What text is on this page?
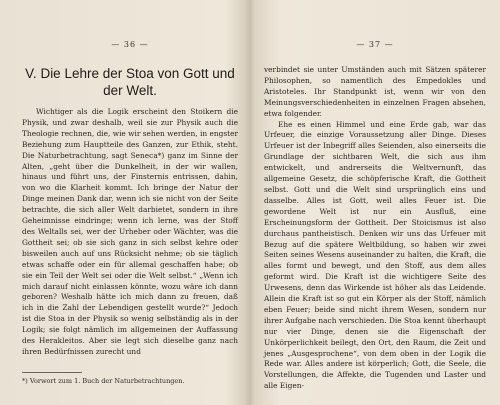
— 36 —
V. Die Lehre der Stoa von Gott und der Welt.

Wichtiger als die Logik erscheint den Stoikern die Physik, und zwar deshalb, weil sie zur Physik auch die Theologie rechnen, die, wie wir sehen werden, in engster Beziehung zum Hauptteile des Ganzen, zur Ethik, steht. Die Naturbetrachtung, sagt Seneca*) ganz im Sinne der Alten, „geht über die Dunkelheit, in der wir wallen, hinaus und führt uns, der Finsternis entrissen, dahin, von wo die Klarheit kommt. Ich bringe der Natur der Dinge meinen Dank dar, wenn ich sie nicht von der Seite betrachte, die sich aller Welt darbietet, sondern in ihre Geheimnisse eindringe; wenn ich lerne, was der Stoff des Weltalls sei, wer der Urheber oder Wächter, was die Gottheit sei; ob sie sich ganz in sich selbst kehre oder bisweilen auch auf uns Rücksicht nehme; ob sie täglich etwas schaffe oder ein für allemal geschaffen habe; ob sie ein Teil der Welt sei oder die Welt selbst.“ „Wenn ich mich darauf nicht einlassen könnte, wozu wäre ich dann geboren? Weshalb hätte ich mich dann zu freuen, daß ich in die Zahl der Lebendigen gestellt wurde?“ Jedoch ist die Stoa in der Physik so wenig selbständig als in der Logik; sie folgt nämlich im allgemeinen der Auffassung des Herakleitos. Aber sie legt sich dieselbe ganz nach ihren Bedürfnissen zurecht und

*) Vorwort zum 1. Buch der Naturbetrachtungen.
— 37 —

verbindet sie unter Umständen auch mit Sätzen späterer Philosophen, so namentlich des Empedokles und Aristoteles. Ihr Standpunkt ist, wenn wir von den Meinungsverschiedenheiten in einzelnen Fragen absehen, etwa folgender.

Ehe es einen Himmel und eine Erde gab, war das Urfeuer, die einzige Voraussetzung aller Dinge. Dieses Urfeuer ist der Inbegriff alles Seienden, also einerseits die Grundlage der sichtbaren Welt, die sich aus ihm entwickelt, und andrerseits die Weltvernunft, das allgemeine Gesetz, die schöpferische Kraft, die Gottheit selbst. Gott und die Welt sind ursprünglich eins und dasselbe. Alles ist Gott, weil alles Feuer ist. Die gewordene Welt ist nur ein Ausfluß, eine Erscheinungsform der Gottheit. Der Stoicismus ist also durchaus pantheistisch. Denken wir uns das Urfeuer mit Bezug auf die spätere Weltbildung, so haben wir zwei Seiten seines Wesens auseinander zu halten, die Kraft, die alles formt und bewegt, und den Stoff, aus dem alles geformt wird. Die Kraft ist die wichtigere Seite des Urwesens, denn das Wirkende ist höher als das Leidende. Allein die Kraft ist so gut ein Körper als der Stoff, nämlich eben Feuer; beide sind nicht ihrem Wesen, sondern nur ihrer Aufgabe nach verschieden. Die Stoa kennt überhaupt nur vier Dinge, denen sie die Eigenschaft der Unkörperlichkeit beilegt, den Ort, den Raum, die Zeit und jenes „Ausgesprochene“, von dem oben in der Logik die Rede war. Alles andere ist körperlich; Gott, die Seele, die Vorstellungen, die Affekte, die Tugenden und Laster und alle Eigen-
